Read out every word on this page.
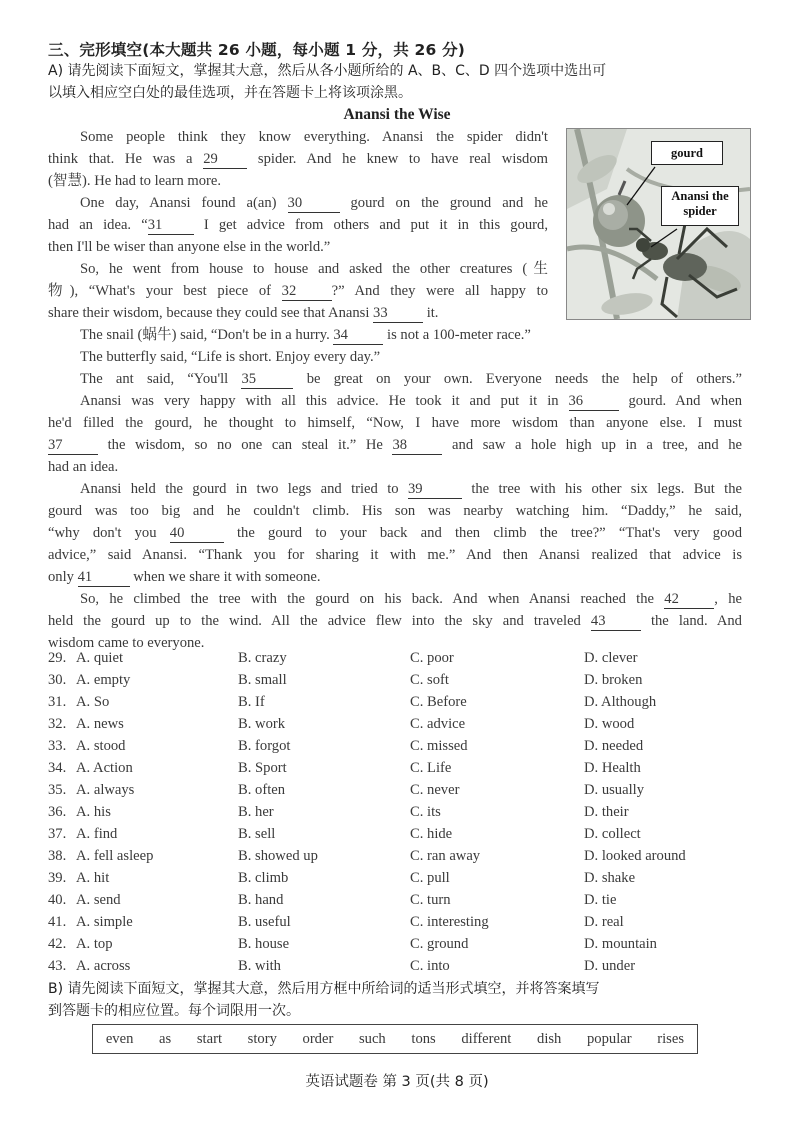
三、完形填空(本大题共 26 小题，每小题 1 分，共 26 分)
A) 请先阅读下面短文，掌握其大意，然后从各小题所给的 A、B、C、D 四个选项中选出可
以填入相应空白处的最佳选项，并在答题卡上将该项涂黑。
Anansi the Wise
gourd
Anansi the spider
Some people think they know everything. Anansi the spider didn't
think that. He was a 29	spider. And he knew to have real wisdom
(智慧). He had to learn more.
One day, Anansi found a(an) 30	gourd on the ground and he
had an idea. “31	I get advice from others and put it in this gourd,
then I'll be wiser than anyone else in the world.”
So, he went from house to house and asked the other creatures (生
物), “What's your best piece of 32 ?” And they were all happy to
share their wisdom, because they could see that Anansi 33	it.
The snail (蜗牛) said, “Don't be in a hurry. 34	is not a 100-meter race.”
The butterfly said, “Life is short. Enjoy every day.”
The ant said, “You'll 35	be great on your own. Everyone needs the help of others.”
Anansi was very happy with all this advice. He took it and put it in 36	gourd. And when
he'd filled the gourd, he thought to himself, “Now, I have more wisdom than anyone else. I must
37	the wisdom, so no one can steal it.” He 38	and saw a hole high up in a tree, and he
had an idea.
Anansi held the gourd in two legs and tried to 39	the tree with his other six legs. But the
gourd was too big and he couldn't climb. His son was nearby watching him. “Daddy,” he said,
“why don't you 40	the gourd to your back and then climb the tree?” “That's very good
advice,” said Anansi. “Thank you for sharing it with me.” And then Anansi realized that advice is
only 41	when we share it with someone.
So, he climbed the tree with the gourd on his back. And when Anansi reached the 42 , he
held the gourd up to the wind. All the advice flew into the sky and traveled 43	the land. And
wisdom came to everyone.
29. A. quiet	B. crazy	C. poor	D. clever
30. A. empty	B. small	C. soft	D. broken
31. A. So	B. If	C. Before	D. Although
32. A. news	B. work	C. advice	D. wood
33. A. stood	B. forgot	C. missed	D. needed
34. A. Action	B. Sport	C. Life	D. Health
35. A. always	B. often	C. never	D. usually
36. A. his	B. her	C. its	D. their
37. A. find	B. sell	C. hide	D. collect
38. A. fell asleep	B. showed up	C. ran away	D. looked around
39. A. hit	B. climb	C. pull	D. shake
40. A. send	B. hand	C. turn	D. tie
41. A. simple	B. useful	C. interesting	D. real
42. A. top	B. house	C. ground	D. mountain
43. A. across	B. with	C. into	D. under
B) 请先阅读下面短文，掌握其大意，然后用方框中所给词的适当形式填空，并将答案填写
到答题卡的相应位置。每个词限用一次。
even as start story order such tons different dish popular rises
英语试题卷 第 3 页(共 8 页)
